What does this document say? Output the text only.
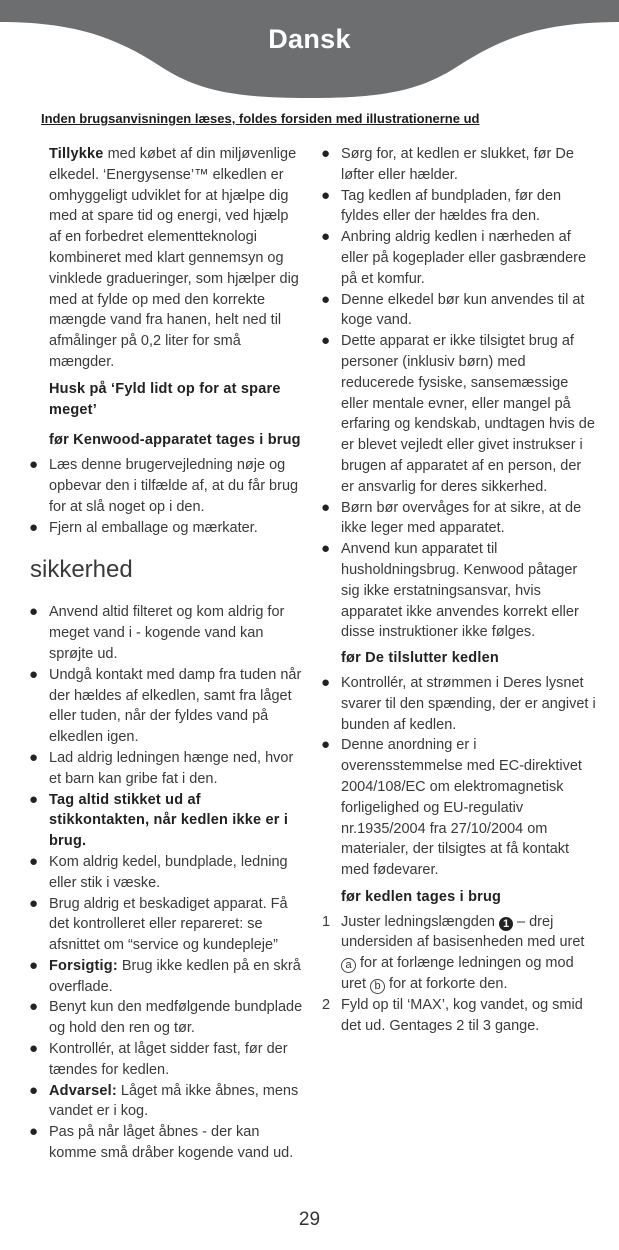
Dansk
Inden brugsanvisningen læses, foldes forsiden med illustrationerne ud

Tillykke med købet af din miljøvenlige elkedel. ‘Energysense’™ elkedlen er omhyggeligt udviklet for at hjælpe dig med at spare tid og energi, ved hjælp af en forbedret elementteknologi kombineret med klart gennemsyn og vinklede gradueringer, som hjælper dig med at fylde op med den korrekte mængde vand fra hanen, helt ned til afmålinger på 0,2 liter for små mængder.

Husk på ‘Fyld lidt op for at spare meget’
før Kenwood-apparatet tages i brug
● Læs denne brugervejledning nøje og opbevar den i tilfælde af, at du får brug for at slå noget op i den.
● Fjern al emballage og mærkater.
sikkerhed
● Anvend altid filteret og kom aldrig for meget vand i - kogende vand kan sprøjte ud.
● Undgå kontakt med damp fra tuden når der hældes af elkedlen, samt fra låget eller tuden, når der fyldes vand på elkedlen igen.
● Lad aldrig ledningen hænge ned, hvor et barn kan gribe fat i den.
● Tag altid stikket ud af stikkontakten, når kedlen ikke er i brug.
● Kom aldrig kedel, bundplade, ledning eller stik i væske.
● Brug aldrig et beskadiget apparat. Få det kontrolleret eller repareret: se afsnittet om “service og kundepleje”
● Forsigtig: Brug ikke kedlen på en skrå overflade.
● Benyt kun den medfølgende bundplade og hold den ren og tør.
● Kontrollér, at låget sidder fast, før der tændes for kedlen.
● Advarsel: Låget må ikke åbnes, mens vandet er i kog.
● Pas på når låget åbnes - der kan komme små dråber kogende vand ud.
● Sørg for, at kedlen er slukket, før De løfter eller hælder.
● Tag kedlen af bundpladen, før den fyldes eller der hældes fra den.
● Anbring aldrig kedlen i nærheden af eller på kogeplader eller gasbrændere på et komfur.
● Denne elkedel bør kun anvendes til at koge vand.
● Dette apparat er ikke tilsigtet brug af personer (inklusiv børn) med reducerede fysiske, sansemæssige eller mentale evner, eller mangel på erfaring og kendskab, undtagen hvis de er blevet vejledt eller givet instrukser i brugen af apparatet af en person, der er ansvarlig for deres sikkerhed.
● Børn bør overvåges for at sikre, at de ikke leger med apparatet.
● Anvend kun apparatet til husholdningsbrug. Kenwood påtager sig ikke erstatningsansvar, hvis apparatet ikke anvendes korrekt eller disse instruktioner ikke følges.
før De tilslutter kedlen
● Kontrollér, at strømmen i Deres lysnet svarer til den spænding, der er angivet i bunden af kedlen.
● Denne anordning er i overensstemmelse med EC-direktivet 2004/108/EC om elektromagnetisk forligelighed og EU-regulativ nr.1935/2004 fra 27/10/2004 om materialer, der tilsigtes at få kontakt med fødevarer.
før kedlen tages i brug
1 Juster ledningslængden 1 – drej undersiden af basisenheden med uret a for at forlænge ledningen og mod uret b for at forkorte den.
2 Fyld op til ‘MAX’, kog vandet, og smid det ud. Gentages 2 til 3 gange.
29
